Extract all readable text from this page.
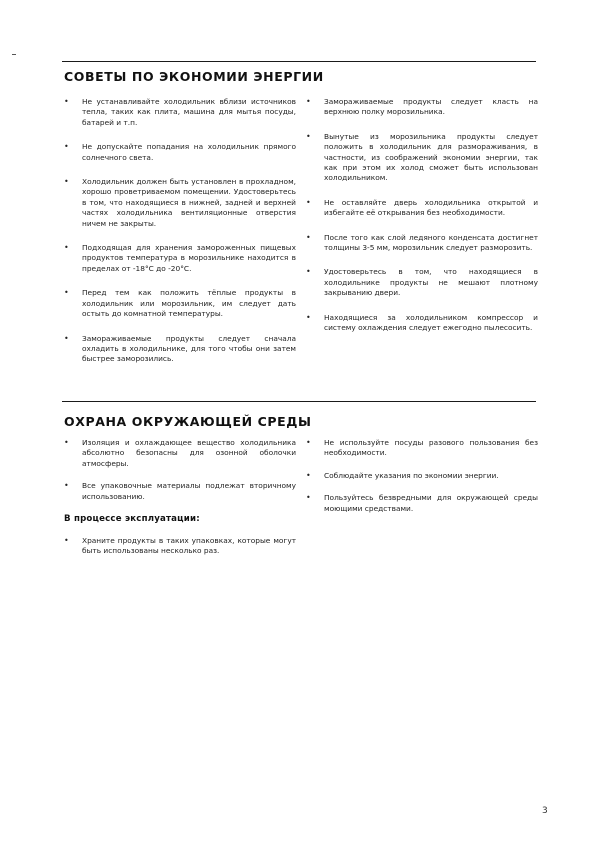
СОВЕТЫ ПО ЭКОНОМИИ ЭНЕРГИИ
• Не устанавливайте холодильник вблизи источников тепла, таких как плита, машина для мытья посуды, батарей и т.п.
• Не допускайте попадания на холодильник прямого солнечного света.
• Холодильник должен быть установлен в прохладном, хорошо проветриваемом помещении. Удостоверьтесь в том, что находящиеся в нижней, задней и верхней частях холодильника вентиляционные отверстия ничем не закрыты.
• Подходящая для хранения замороженных пищевых продуктов температура в морозильнике находится в пределах от -18°С до -20°С.
• Перед тем как положить тёплые продукты в холодильник или морозильник, им следует дать остыть до комнатной температуры.
• Замораживаемые продукты следует сначала охладить в холодильнике, для того чтобы они затем быстрее заморозились.
• Замораживаемые продукты следует класть на верхнюю полку морозильника.
• Вынутые из морозильника продукты следует положить в холодильник для размораживания, в частности, из соображений экономии энергии, так как при этом их холод сможет быть использован холодильником.
• Не оставляйте дверь холодильника открытой и избегайте её открывания без необходимости.
• После того как слой ледяного конденсата достигнет толщины 3-5 мм, морозильник следует разморозить.
• Удостоверьтесь в том, что находящиеся в холодильнике продукты не мешают плотному закрыванию двери.
• Находящиеся за холодильником компрессор и систему охлаждения следует ежегодно пылесосить.
ОХРАНА ОКРУЖАЮЩЕЙ СРЕДЫ
• Изоляция и охлаждающее вещество холодильника абсолютно безопасны для озонной оболочки атмосферы.
• Все упаковочные материалы подлежат вторичному использованию.
В процессе эксплуатации:
• Храните продукты в таких упаковках, которые могут быть использованы несколько раз.
• Не используйте посуды разового пользования без необходимости.
• Соблюдайте указания по экономии энергии.
• Пользуйтесь безвредными для окружающей среды моющими средствами.
3
